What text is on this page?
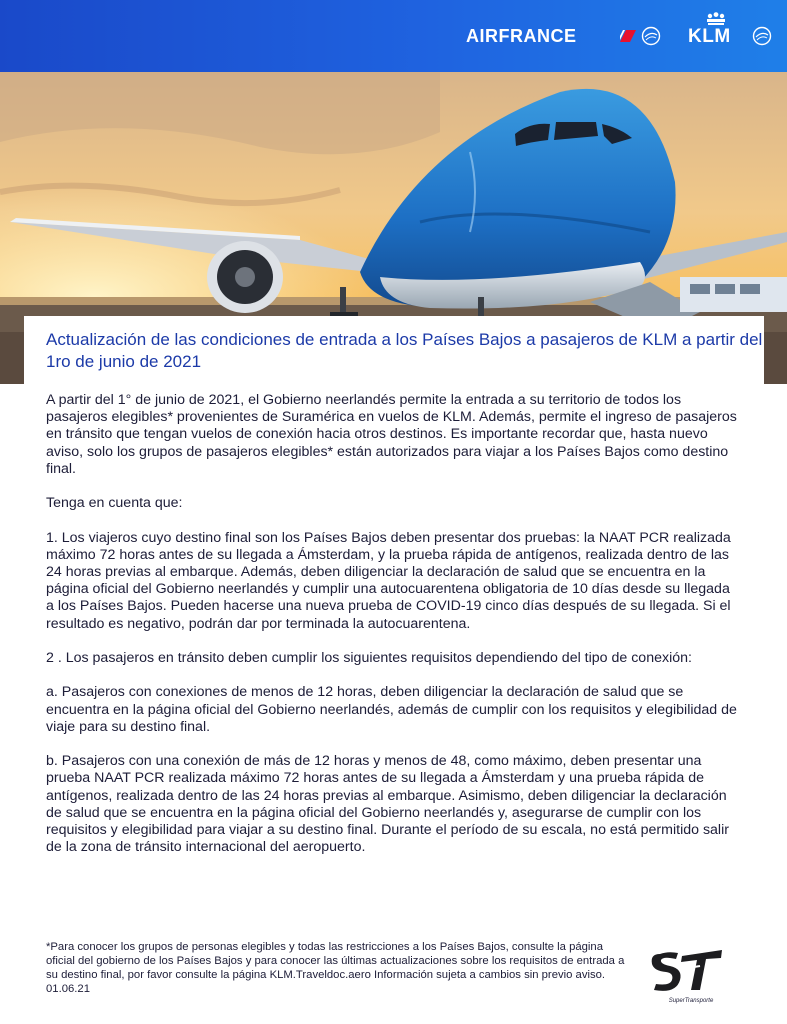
AIRFRANCE	KLM
Actualización de las condiciones de entrada a los Países Bajos a pasajeros de KLM a partir del 1ro de junio de 2021

A partir del 1° de junio de 2021, el Gobierno neerlandés permite la entrada a su territorio de todos los pasajeros elegibles* provenientes de Suramérica en vuelos de KLM. Además, permite el ingreso de pasajeros en tránsito que tengan vuelos de conexión hacia otros destinos. Es importante recordar que, hasta nuevo aviso, solo los grupos de pasajeros elegibles* están autorizados para viajar a los Países Bajos como destino final.

Tenga en cuenta que:

1. Los viajeros cuyo destino final son los Países Bajos deben presentar dos pruebas: la NAAT PCR realizada máximo 72 horas antes de su llegada a Ámsterdam, y la prueba rápida de antígenos, realizada dentro de las 24 horas previas al embarque. Además, deben diligenciar la declaración de salud que se encuentra en la página oficial del Gobierno neerlandés y cumplir una autocuarentena obligatoria de 10 días desde su llegada a los Países Bajos. Pueden hacerse una nueva prueba de COVID-19 cinco días después de su llegada. Si el resultado es negativo, podrán dar por terminada la autocuarentena.

2 . Los pasajeros en tránsito deben cumplir los siguientes requisitos dependiendo del tipo de conexión:

a. Pasajeros con conexiones de menos de 12 horas, deben diligenciar la declaración de salud que se encuentra en la página oficial del Gobierno neerlandés, además de cumplir con los requisitos y elegibilidad de viaje para su destino final.

b. Pasajeros con una conexión de más de 12 horas y menos de 48, como máximo, deben presentar una prueba NAAT PCR realizada máximo 72 horas antes de su llegada a Ámsterdam y una prueba rápida de antígenos, realizada dentro de las 24 horas previas al embarque. Asimismo, deben diligenciar la declaración de salud que se encuentra en la página oficial del Gobierno neerlandés y, asegurarse de cumplir con los requisitos y elegibilidad para viajar a su destino final. Durante el período de su escala, no está permitido salir de la zona de tránsito internacional del aeropuerto.

*Para conocer los grupos de personas elegibles y todas las restricciones a los Países Bajos, consulte la página oficial del gobierno de los Países Bajos y para conocer las últimas actualizaciones sobre los requisitos de entrada a su destino final, por favor consulte la página KLM.Traveldoc.aero Información sujeta a cambios sin previo aviso. 01.06.21
SuperTransporte
